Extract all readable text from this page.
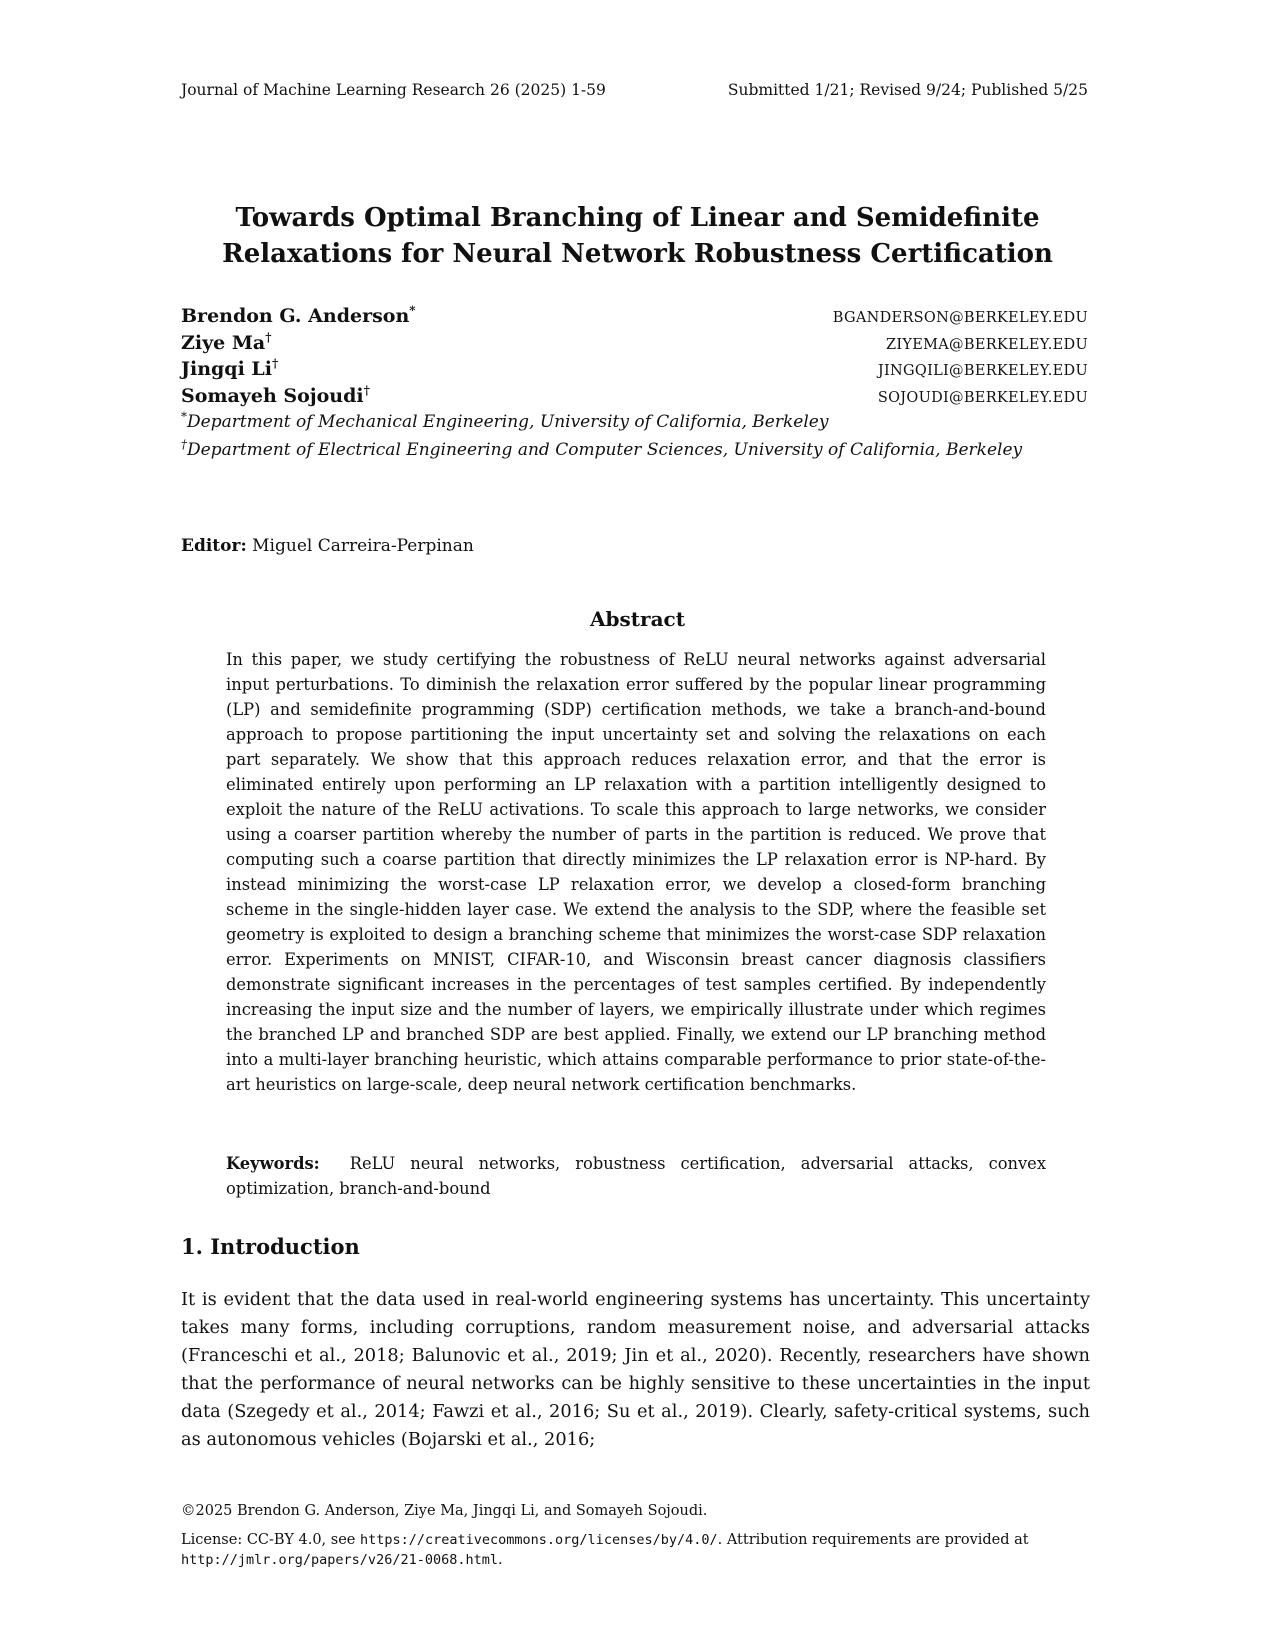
Journal of Machine Learning Research 26 (2025) 1-59	Submitted 1/21; Revised 9/24; Published 5/25
Towards Optimal Branching of Linear and Semidefinite
Relaxations for Neural Network Robustness Certification
Brendon G. Anderson*	BGANDERSON@BERKELEY.EDU
Ziye Ma†	ZIYEMA@BERKELEY.EDU
Jingqi Li†	JINGQILI@BERKELEY.EDU
Somayeh Sojoudi†	SOJOUDI@BERKELEY.EDU
*Department of Mechanical Engineering, University of California, Berkeley
†Department of Electrical Engineering and Computer Sciences, University of California, Berkeley
Editor: Miguel Carreira-Perpinan
Abstract
In this paper, we study certifying the robustness of ReLU neural networks against adversarial input perturbations. To diminish the relaxation error suffered by the popular linear programming (LP) and semidefinite programming (SDP) certification methods, we take a branch-and-bound approach to propose partitioning the input uncertainty set and solving the relaxations on each part separately. We show that this approach reduces relaxation error, and that the error is eliminated entirely upon performing an LP relaxation with a partition intelligently designed to exploit the nature of the ReLU activations. To scale this approach to large networks, we consider using a coarser partition whereby the number of parts in the partition is reduced. We prove that computing such a coarse partition that directly minimizes the LP relaxation error is NP-hard. By instead minimizing the worst-case LP relaxation error, we develop a closed-form branching scheme in the single-hidden layer case. We extend the analysis to the SDP, where the feasible set geometry is exploited to design a branching scheme that minimizes the worst-case SDP relaxation error. Experiments on MNIST, CIFAR-10, and Wisconsin breast cancer diagnosis classifiers demonstrate significant increases in the percentages of test samples certified. By independently increasing the input size and the number of layers, we empirically illustrate under which regimes the branched LP and branched SDP are best applied. Finally, we extend our LP branching method into a multi-layer branching heuristic, which attains comparable performance to prior state-of-the-art heuristics on large-scale, deep neural network certification benchmarks.
Keywords: ReLU neural networks, robustness certification, adversarial attacks, convex optimization, branch-and-bound
1. Introduction
It is evident that the data used in real-world engineering systems has uncertainty. This uncertainty takes many forms, including corruptions, random measurement noise, and adversarial attacks (Franceschi et al., 2018; Balunovic et al., 2019; Jin et al., 2020). Recently, researchers have shown that the performance of neural networks can be highly sensitive to these uncertainties in the input data (Szegedy et al., 2014; Fawzi et al., 2016; Su et al., 2019). Clearly, safety-critical systems, such as autonomous vehicles (Bojarski et al., 2016;
©2025 Brendon G. Anderson, Ziye Ma, Jingqi Li, and Somayeh Sojoudi.
License: CC-BY 4.0, see https://creativecommons.org/licenses/by/4.0/. Attribution requirements are provided at http://jmlr.org/papers/v26/21-0068.html.
